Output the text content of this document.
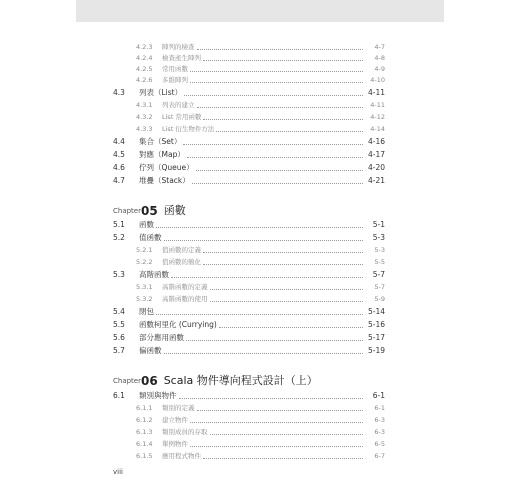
4.2.3	陣列的檢查	4-7
4.2.4	檢查產生陣列	4-8
4.2.5	常用函數	4-9
4.2.6	多維陣列	4-10
4.3	列表（List）	4-11
4.3.1	列表的建立	4-11
4.3.2	List 常用函數	4-12
4.3.3	List 衍生物件方法	4-14
4.4	集合（Set）	4-16
4.5	對應（Map）	4-17
4.6	佇列（Queue）	4-20
4.7	堆疊（Stack）	4-21
Chapter 05 函數
5.1	函數	5-1
5.2	值函數	5-3
5.2.1	值函數的定義	5-3
5.2.2	值函數的簡化	5-5
5.3	高階函數	5-7
5.3.1	高階函數的定義	5-7
5.3.2	高階函數的使用	5-9
5.4	閉包	5-14
5.5	函數柯里化 (Currying)	5-16
5.6	部分應用函數	5-17
5.7	偏函數	5-19
Chapter 06 Scala 物件導向程式設計（上）
6.1	類別與物件	6-1
6.1.1	類別的定義	6-1
6.1.2	建立物件	6-3
6.1.3	類別成員的存取	6-3
6.1.4	單例物件	6-5
6.1.5	應用程式物件	6-7
viii
